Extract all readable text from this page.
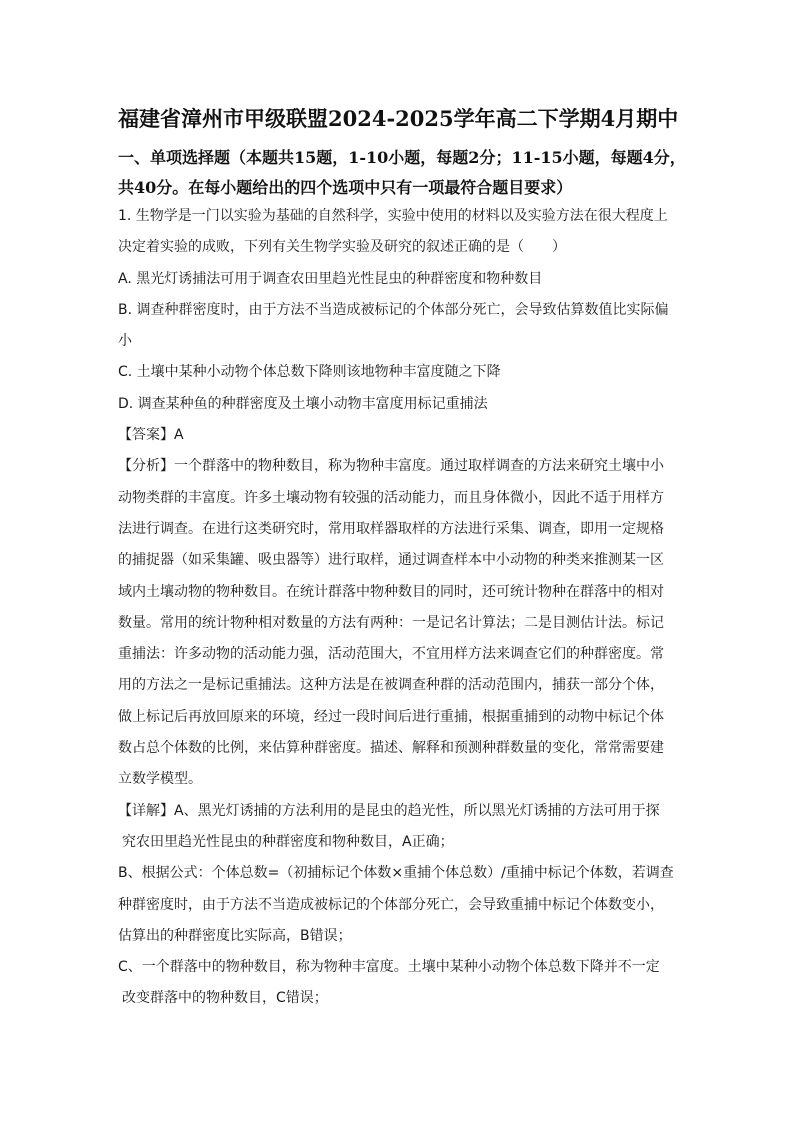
福建省漳州市甲级联盟2024-2025学年高二下学期4月期中
一、单项选择题（本题共15题，1-10小题，每题2分；11-15小题，每题4分，
共40分。在每小题给出的四个选项中只有一项最符合题目要求）
1. 生物学是一门以实验为基础的自然科学，实验中使用的材料以及实验方法在很大程度上
决定着实验的成败，下列有关生物学实验及研究的叙述正确的是（　　）
A. 黑光灯诱捕法可用于调查农田里趋光性昆虫的种群密度和物种数目
B. 调查种群密度时，由于方法不当造成被标记的个体部分死亡，会导致估算数值比实际偏
小
C. 土壤中某种小动物个体总数下降则该地物种丰富度随之下降
D. 调查某种鱼的种群密度及土壤小动物丰富度用标记重捕法
【答案】A
【分析】一个群落中的物种数目，称为物种丰富度。通过取样调查的方法来研究土壤中小
动物类群的丰富度。许多土壤动物有较强的活动能力，而且身体微小，因此不适于用样方
法进行调查。在进行这类研究时，常用取样器取样的方法进行采集、调查，即用一定规格
的捕捉器（如采集罐、吸虫器等）进行取样，通过调查样本中小动物的种类来推测某一区
域内土壤动物的物种数目。在统计群落中物种数目的同时，还可统计物种在群落中的相对
数量。常用的统计物种相对数量的方法有两种：一是记名计算法；二是目测估计法。标记
重捕法：许多动物的活动能力强，活动范围大，不宜用样方法来调查它们的种群密度。常
用的方法之一是标记重捕法。这种方法是在被调查种群的活动范围内，捕获一部分个体，
做上标记后再放回原来的环境，经过一段时间后进行重捕，根据重捕到的动物中标记个体
数占总个体数的比例，来估算种群密度。描述、解释和预测种群数量的变化，常常需要建
立数学模型。
【详解】A、黑光灯诱捕的方法利用的是昆虫的趋光性，所以黑光灯诱捕的方法可用于探
究农田里趋光性昆虫的种群密度和物种数目，A正确；
B、根据公式：个体总数=（初捕标记个体数×重捕个体总数）/重捕中标记个体数，若调查
种群密度时，由于方法不当造成被标记的个体部分死亡，会导致重捕中标记个体数变小，
估算出的种群密度比实际高，B错误；
C、一个群落中的物种数目，称为物种丰富度。土壤中某种小动物个体总数下降并不一定
改变群落中的物种数目，C错误；
